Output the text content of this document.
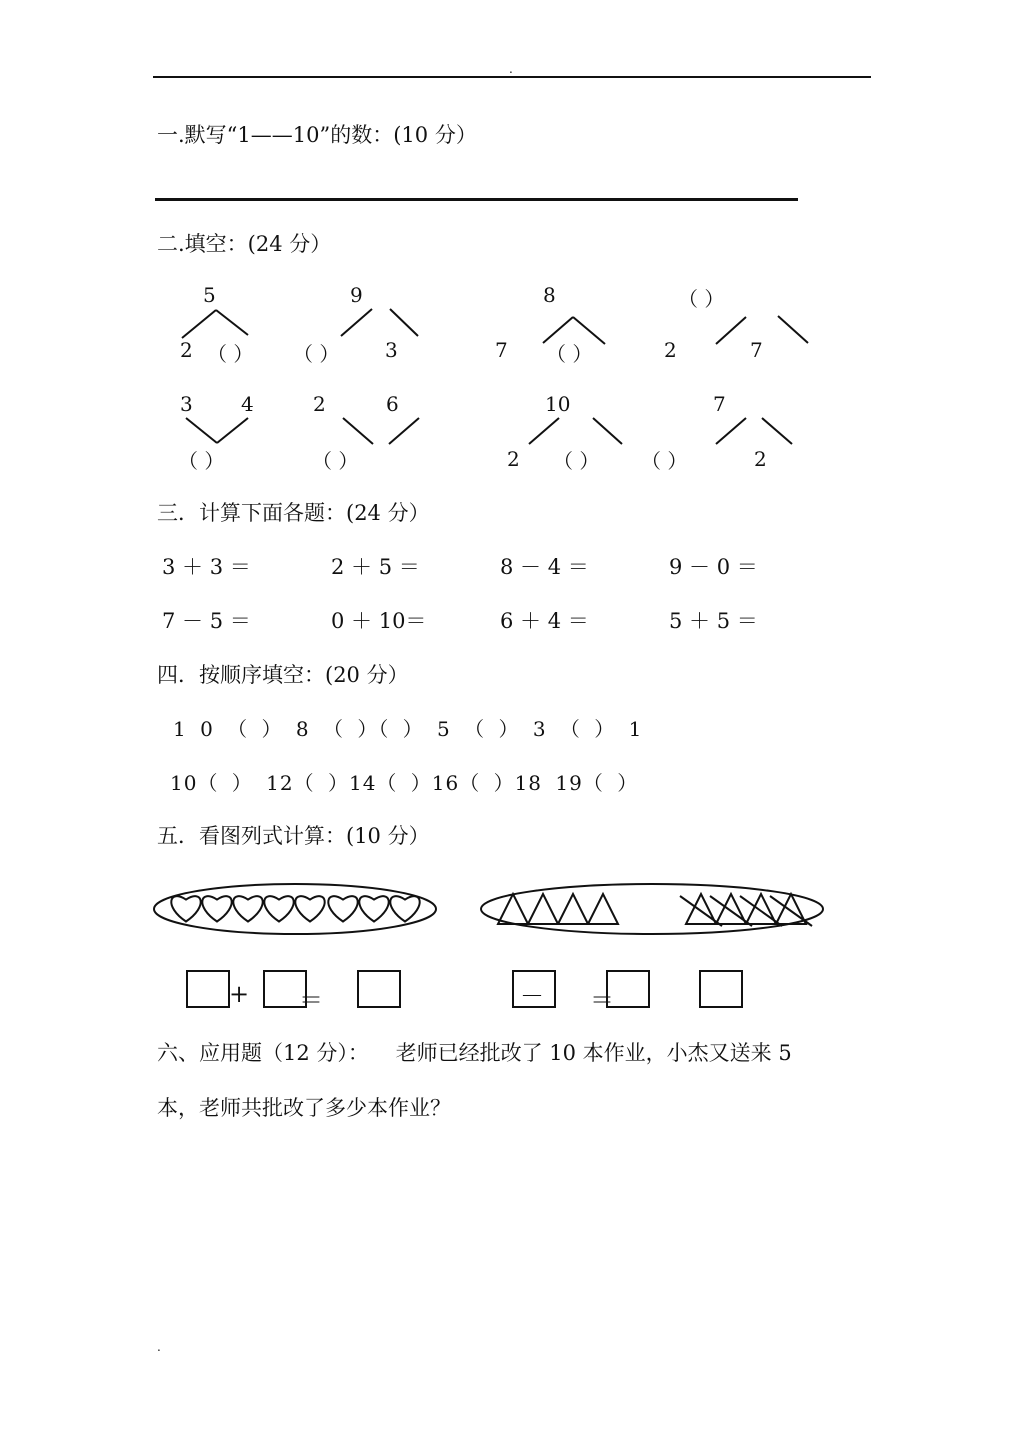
.
一.默写“1——10”的数：(10 分）
二.填空：(24 分）
5
2 （ ）
9
（ ） 3
8
7 （ ）
（ ）
2	7
3 4
（ ）
2	6
（ ）
10
2 （ ）
7
（ ）	2
三．计算下面各题：(24 分）
3 ＋ 3 ＝	2 ＋ 5 ＝	8 － 4 ＝	9 － 0 ＝
7 － 5 ＝	0 ＋ 10＝	6 ＋ 4 ＝	5 ＋ 5 ＝
四．按顺序填空：(20 分）
1 0 （ ） 8 （ ）（ ） 5 （ ） 3 （ ） 1
10（ ） 12（ ）14（ ）16（ ）18 19（ ）
五．看图列式计算：(10 分）
+ ＝	－ ＝
六、应用题（12 分）：    老师已经批改了 10 本作业，小杰又送来 5
本，老师共批改了多少本作业？
.
